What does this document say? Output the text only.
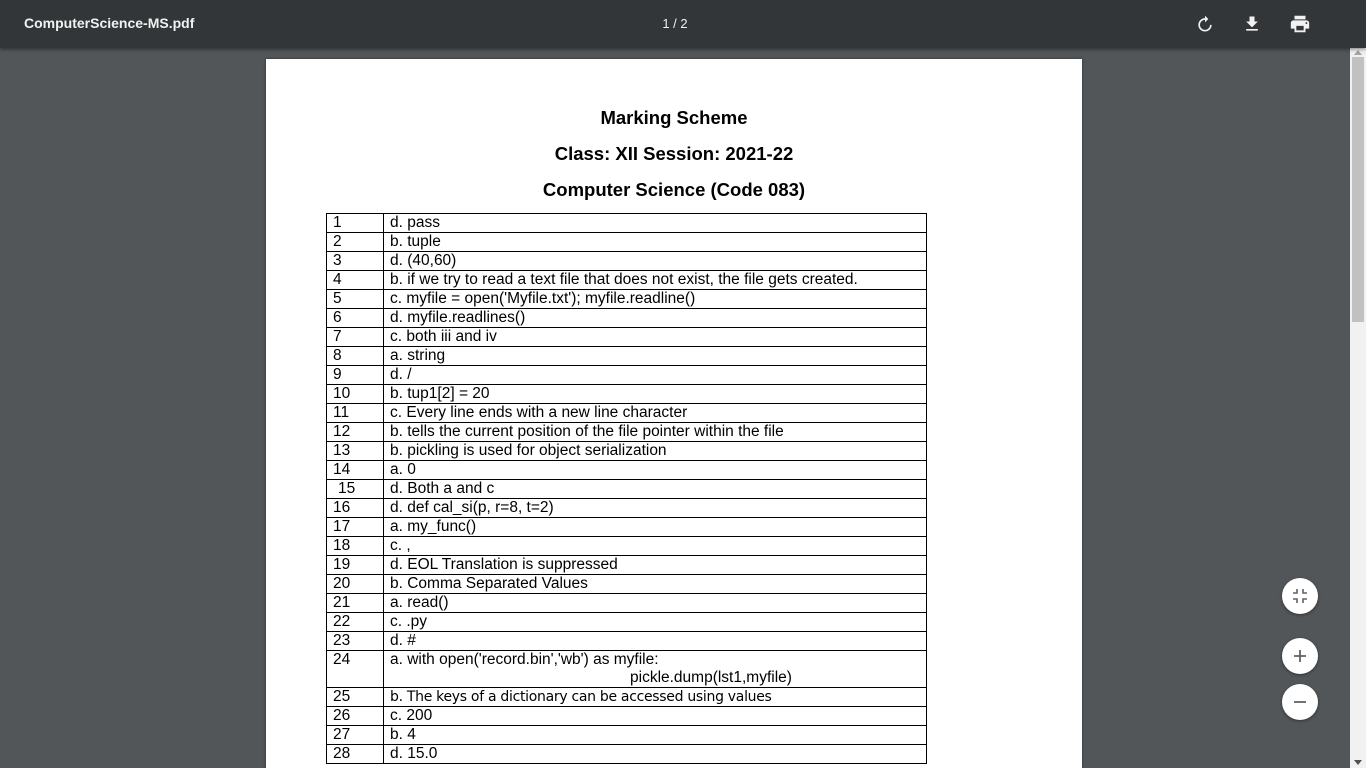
ComputerScience-MS.pdf	1 / 2
Marking Scheme
Class: XII Session: 2021-22
Computer Science (Code 083)
1	d. pass
2	b. tuple
3	d. (40,60)
4	b. if we try to read a text file that does not exist, the file gets created.
5	c. myfile = open('Myfile.txt'); myfile.readline()
6	d. myfile.readlines()
7	c. both iii and iv
8	a. string
9	d. /
10	b. tup1[2] = 20
11	c. Every line ends with a new line character
12	b. tells the current position of the file pointer within the file
13	b. pickling is used for object serialization
14	a. 0
15	d. Both a and c
16	d. def cal_si(p, r=8, t=2)
17	a. my_func()
18	c. ,
19	d. EOL Translation is suppressed
20	b. Comma Separated Values
21	a. read()
22	c. .py
23	d. #
24	a. with open('record.bin','wb') as myfile:
pickle.dump(lst1,myfile)

25	b. The keys of a dictionary can be accessed using values
26	c. 200
27	b. 4
28	d. 15.0
